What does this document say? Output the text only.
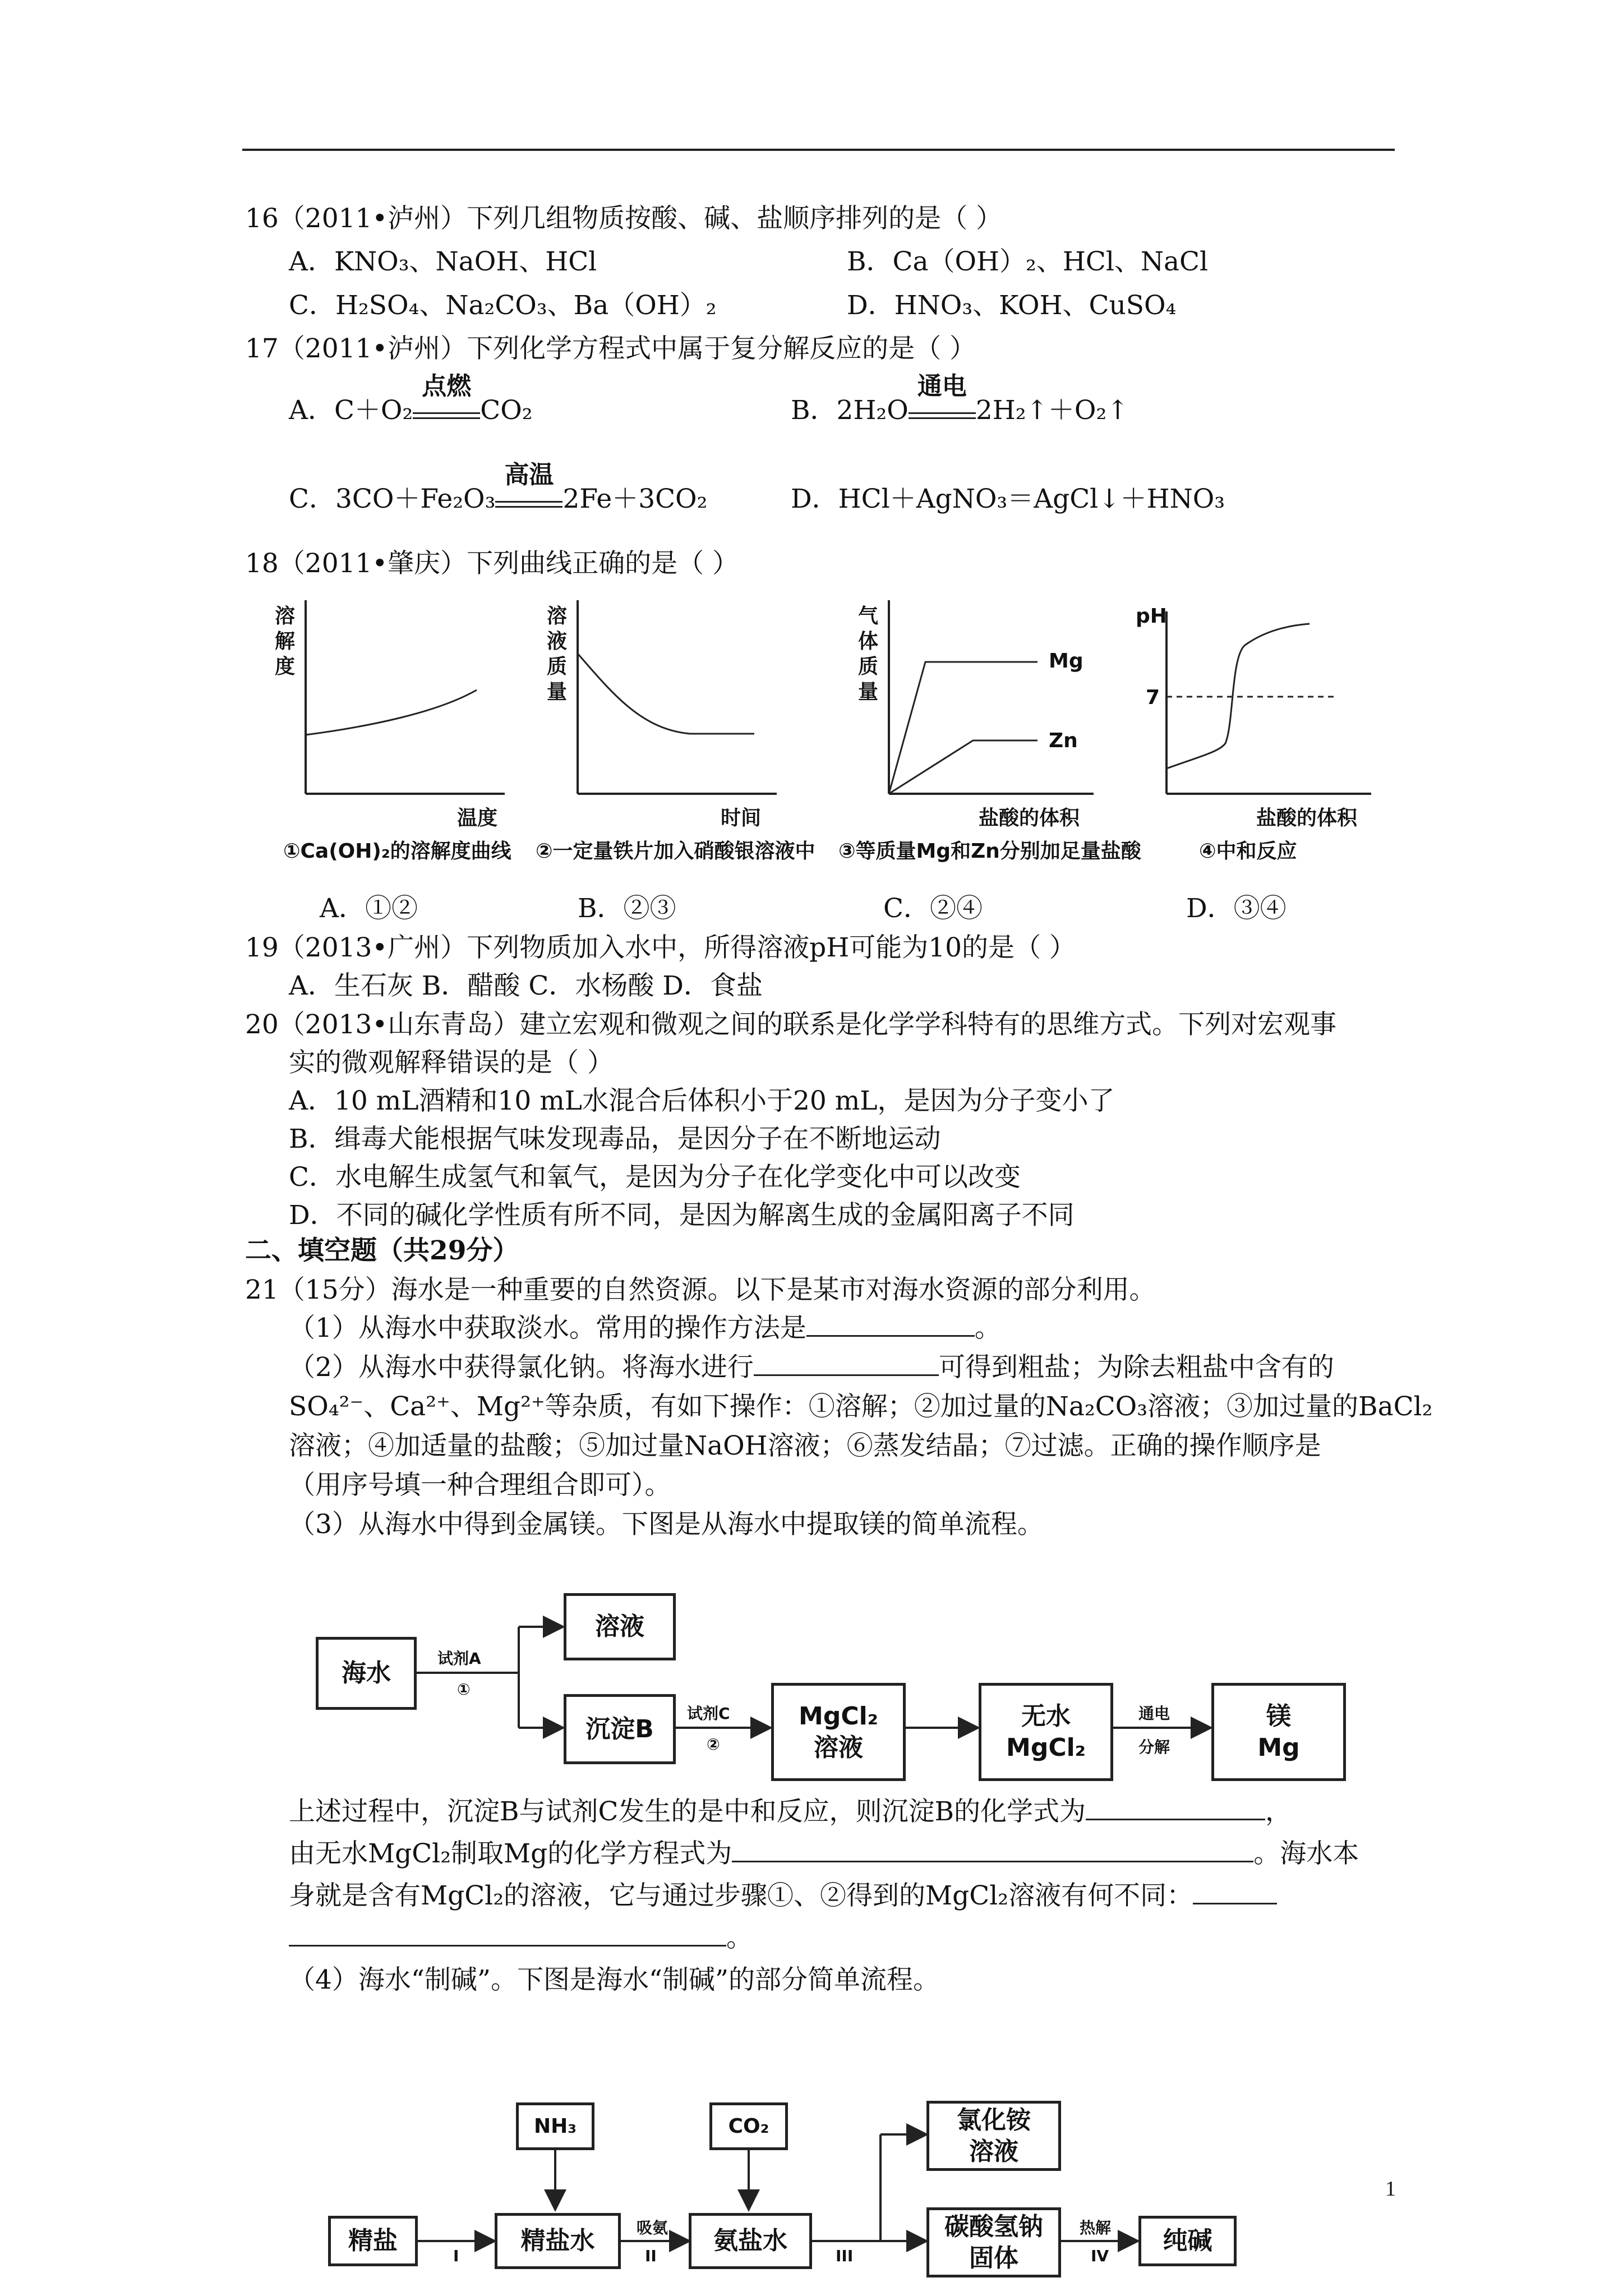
16（2011•泸州）下列几组物质按酸、碱、盐顺序排列的是（ ）
A．KNO₃、NaOH、HCl	B．Ca（OH）₂、HCl、NaCl
C．H₂SO₄、Na₂CO₃、Ba（OH）₂	D．HNO₃、KOH、CuSO₄
17（2011•泸州）下列化学方程式中属于复分解反应的是（ ）
A．C＋O₂
点燃
CO₂	B．2H₂O
通电
2H₂↑＋O₂↑
C．3CO＋Fe₂O₃
高温
2Fe＋3CO₂	D．HCl＋AgNO₃＝AgCl↓＋HNO₃
18（2011•肇庆）下列曲线正确的是（ ）
溶
解
度
温度
溶
液
质
量
时间
气
体
质
量
Mg
Zn
盐酸的体积
pH
7
盐酸的体积
①Ca(OH)₂的溶解度曲线 ②一定量铁片加入硝酸银溶液中 ③等质量Mg和Zn分别加足量盐酸	④中和反应
A．①②	B．②③	C．②④	D．③④
19（2013•广州）下列物质加入水中，所得溶液pH可能为10的是（ ）
A．生石灰 B．醋酸 C．水杨酸 D．食盐
20（2013•山东青岛）建立宏观和微观之间的联系是化学学科特有的思维方式。下列对宏观事
实的微观解释错误的是（ ）
A．10 mL酒精和10 mL水混合后体积小于20 mL，是因为分子变小了
B．缉毒犬能根据气味发现毒品，是因分子在不断地运动
C．水电解生成氢气和氧气，是因为分子在化学变化中可以改变
D．不同的碱化学性质有所不同，是因为解离生成的金属阳离子不同
二、填空题（共29分）
21（15分）海水是一种重要的自然资源。以下是某市对海水资源的部分利用。
（1）从海水中获取淡水。常用的操作方法是	。
（2）从海水中获得氯化钠。将海水进行	可得到粗盐；为除去粗盐中含有的
SO₄²⁻、Ca²⁺、Mg²⁺等杂质，有如下操作：①溶解；②加过量的Na₂CO₃溶液；③加过量的BaCl₂
溶液；④加适量的盐酸；⑤加过量NaOH溶液；⑥蒸发结晶；⑦过滤。正确的操作顺序是
（用序号填一种合理组合即可）。
（3）从海水中得到金属镁。下图是从海水中提取镁的简单流程。
海水
试剂A
①
溶液
沉淀B
试剂C
②
MgCl₂
溶液
无水
MgCl₂
通电
分解
镁
Mg
上述过程中，沉淀B与试剂C发生的是中和反应，则沉淀B的化学式为	，
由无水MgCl₂制取Mg的化学方程式为	。海水本
身就是含有MgCl₂的溶液，它与通过步骤①、②得到的MgCl₂溶液有何不同：
。
（4）海水“制碱”。下图是海水“制碱”的部分简单流程。
NH₃	CO₂
精盐
I
精盐水	吸氨
II
氨盐水
III
氯化铵
溶液
碳酸氢钠
固体
热解
IV
纯碱
1
